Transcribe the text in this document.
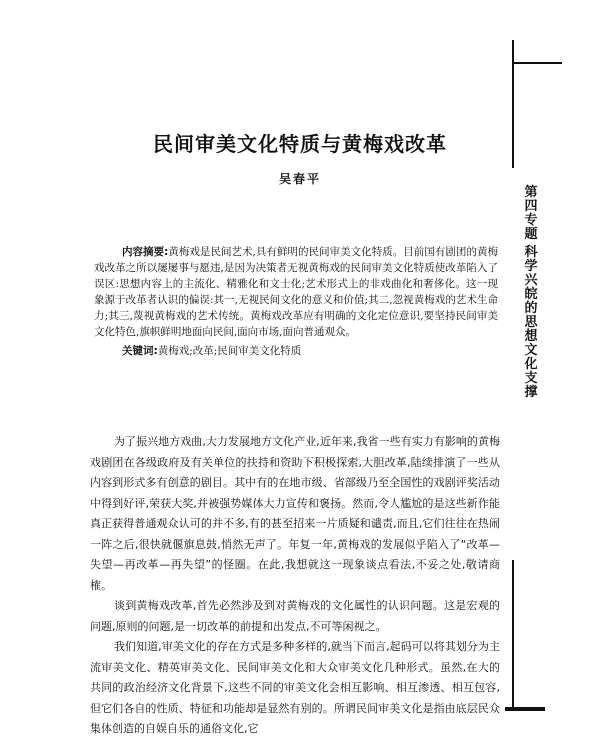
第四专题
科学兴皖的思想文化支撑
民间审美文化特质与黄梅戏改革
吴春平
内容摘要:黄梅戏是民间艺术,具有鲜明的民间审美文化特质。目前国有剧团的黄梅戏改革之所以屡屡事与愿违,是因为决策者无视黄梅戏的民间审美文化特质使改革陷入了误区:思想内容上的主流化、精雅化和文士化;艺术形式上的非戏曲化和奢侈化。这一现象源于改革者认识的偏误:其一,无视民间文化的意义和价值;其二,忽视黄梅戏的艺术生命力;其三,蔑视黄梅戏的艺术传统。黄梅戏改革应有明确的文化定位意识,要坚持民间审美文化特色,旗帜鲜明地面向民间,面向市场,面向普通观众。
关键词:黄梅戏;改革;民间审美文化特质

为了振兴地方戏曲,大力发展地方文化产业,近年来,我省一些有实力有影响的黄梅戏剧团在各级政府及有关单位的扶持和资助下积极探索,大胆改革,陆续排演了一些从内容到形式多有创意的剧目。其中有的在地市级、省部级乃至全国性的戏剧评奖活动中得到好评,荣获大奖,并被强势媒体大力宣传和褒扬。然而,令人尴尬的是这些新作能真正获得普通观众认可的并不多,有的甚至招来一片质疑和谴责,而且,它们往往在热闹一阵之后,很快就偃旗息鼓,悄然无声了。年复一年,黄梅戏的发展似乎陷入了“改革—失望—再改革—再失望”的怪圈。在此,我想就这一现象谈点看法,不妥之处,敬请商榷。

谈到黄梅戏改革,首先必然涉及到对黄梅戏的文化属性的认识问题。这是宏观的问题,原则的问题,是一切改革的前提和出发点,不可等闲视之。

我们知道,审美文化的存在方式是多种多样的,就当下而言,起码可以将其划分为主流审美文化、精英审美文化、民间审美文化和大众审美文化几种形式。虽然,在大的共同的政治经济文化背景下,这些不同的审美文化会相互影响、相互渗透、相互包容,但它们各自的性质、特征和功能却是显然有别的。所谓民间审美文化是指由底层民众集体创造的自娱自乐的通俗文化,它
